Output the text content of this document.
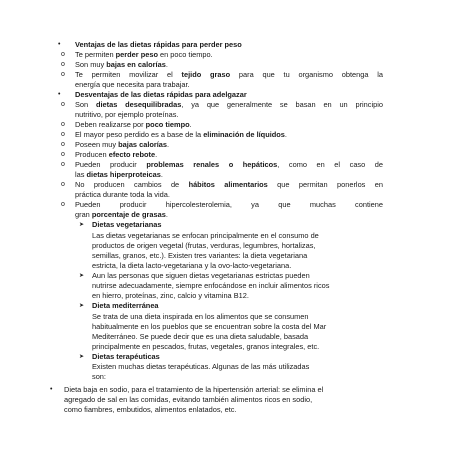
• Ventajas de las dietas rápidas para perder peso
o Te permiten perder peso en poco tiempo.
o Son muy bajas en calorías.
o Te permiten movilizar el tejido graso para que tu organismo obtenga la
energía que necesita para trabajar.
• Desventajas de las dietas rápidas para adelgazar
o Son dietas desequilibradas, ya que generalmente se basan en un principio
nutritivo, por ejemplo proteínas.
o Deben realizarse por poco tiempo.
o El mayor peso perdido es a base de la eliminación de líquidos.
o Poseen muy bajas calorías.
o Producen efecto rebote.
o Pueden producir problemas renales o hepáticos, como en el caso de
las dietas hiperproteicas.
o No producen cambios de hábitos alimentarios que permitan ponerlos en
práctica durante toda la vida.
o Pueden producir hipercolesterolemia, ya que muchas contiene
gran porcentaje de grasas.
➤ Dietas vegetarianas
Las dietas vegetarianas se enfocan principalmente en el consumo de
productos de origen vegetal (frutas, verduras, legumbres, hortalizas,
semillas, granos, etc.). Existen tres variantes: la dieta vegetariana
estricta, la dieta lacto-vegetariana y la ovo-lacto-vegetariana.
➤ Aun las personas que siguen dietas vegetarianas estrictas pueden
nutrirse adecuadamente, siempre enfocándose en incluir alimentos ricos
en hierro, proteínas, zinc, calcio y vitamina B12.
➤ Dieta mediterránea
Se trata de una dieta inspirada en los alimentos que se consumen
habitualmente en los pueblos que se encuentran sobre la costa del Mar
Mediterráneo. Se puede decir que es una dieta saludable, basada
principalmente en pescados, frutas, vegetales, granos integrales, etc.
➤ Dietas terapéuticas
Existen muchas dietas terapéuticas. Algunas de las más utilizadas
son:
• Dieta baja en sodio, para el tratamiento de la hipertensión arterial: se elimina el
agregado de sal en las comidas, evitando también alimentos ricos en sodio,
como fiambres, embutidos, alimentos enlatados, etc.
